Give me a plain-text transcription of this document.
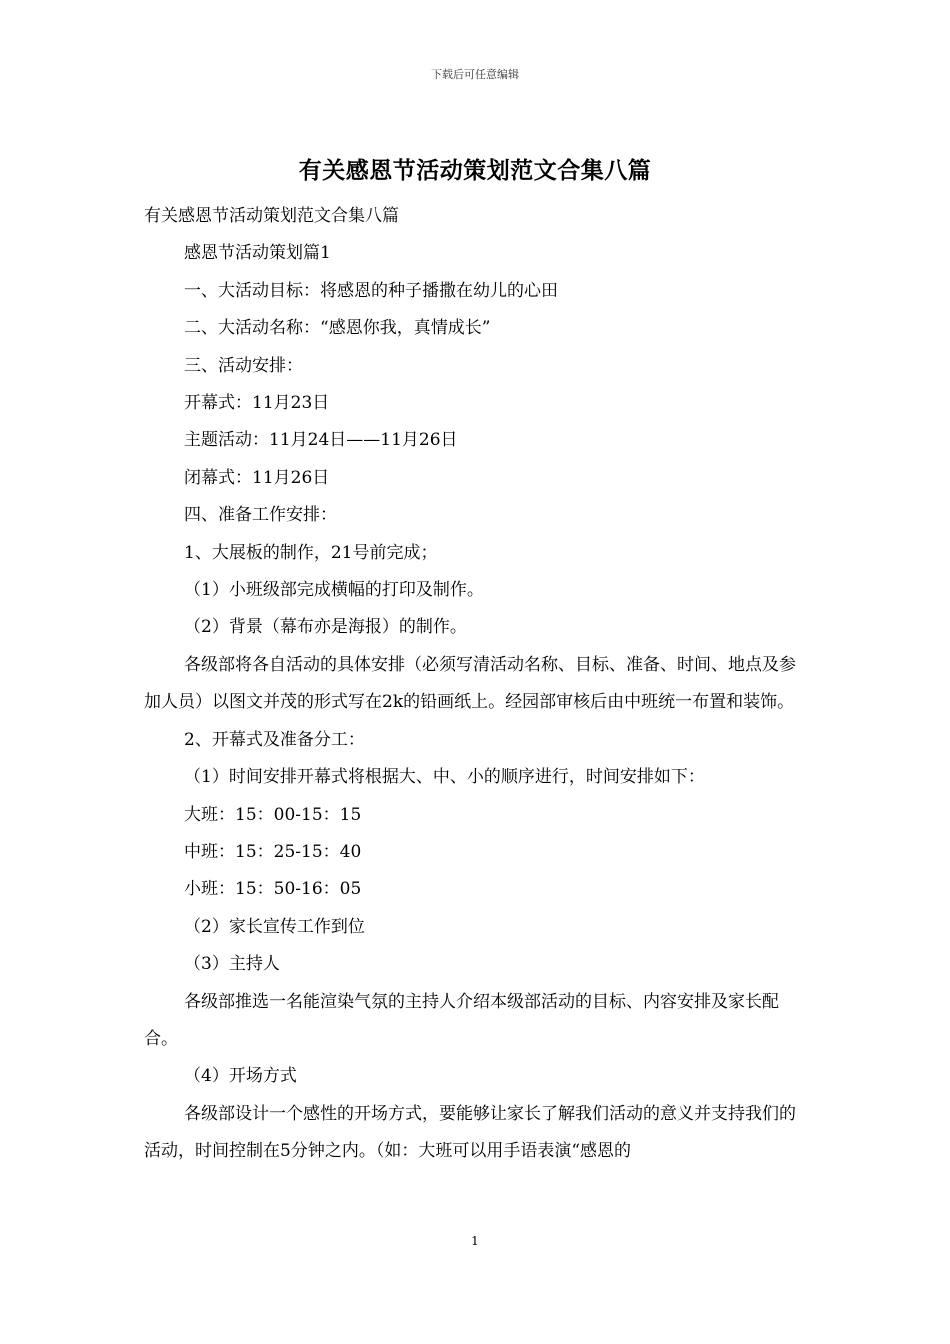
下载后可任意编辑
有关感恩节活动策划范文合集八篇

有关感恩节活动策划范文合集八篇

感恩节活动策划篇1

一、大活动目标：将感恩的种子播撒在幼儿的心田

二、大活动名称：“感恩你我，真情成长”

三、活动安排：

开幕式：11月23日

主题活动：11月24日——11月26日

闭幕式：11月26日

四、准备工作安排：

1、大展板的制作，21号前完成；

（1）小班级部完成横幅的打印及制作。

（2）背景（幕布亦是海报）的制作。

各级部将各自活动的具体安排（必须写清活动名称、目标、准备、时间、地点及参加人员）以图文并茂的形式写在2k的铅画纸上。经园部审核后由中班统一布置和装饰。

2、开幕式及准备分工：

（1）时间安排开幕式将根据大、中、小的顺序进行，时间安排如下：

大班：15：00-15：15

中班：15：25-15：40

小班：15：50-16：05

（2）家长宣传工作到位

（3）主持人

各级部推选一名能渲染气氛的主持人介绍本级部活动的目标、内容安排及家长配合。

（4）开场方式

各级部设计一个感性的开场方式，要能够让家长了解我们活动的意义并支持我们的活动，时间控制在5分钟之内。（如：大班可以用手语表演“感恩的

1
